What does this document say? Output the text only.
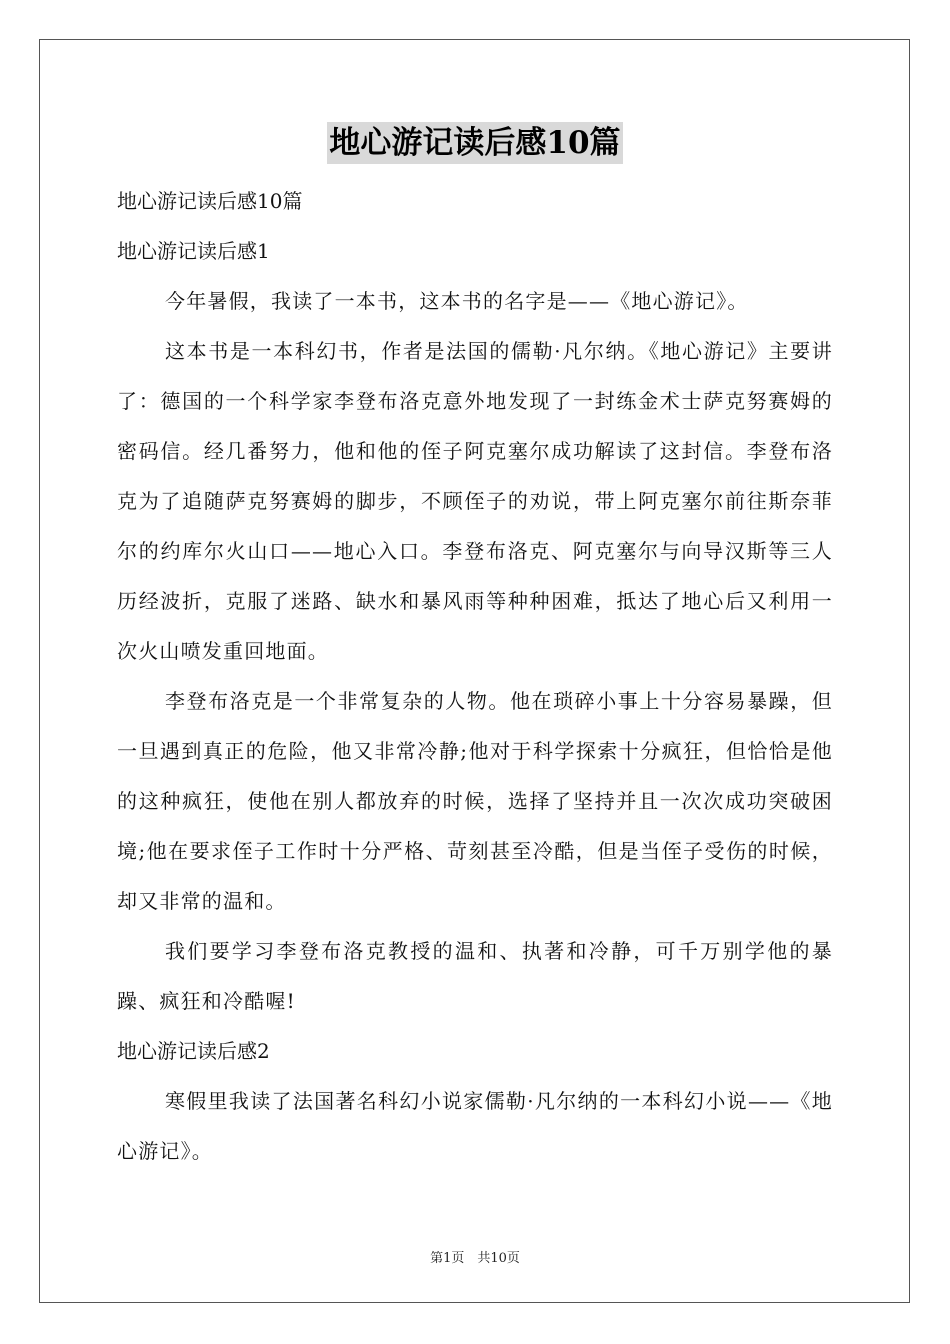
地心游记读后感10篇
地心游记读后感10篇
地心游记读后感1

今年暑假，我读了一本书，这本书的名字是——《地心游记》。

这本书是一本科幻书，作者是法国的儒勒·凡尔纳。《地心游记》主要讲了：德国的一个科学家李登布洛克意外地发现了一封练金术士萨克努赛姆的密码信。经几番努力，他和他的侄子阿克塞尔成功解读了这封信。李登布洛克为了追随萨克努赛姆的脚步，不顾侄子的劝说，带上阿克塞尔前往斯奈菲尔的约库尔火山口——地心入口。李登布洛克、阿克塞尔与向导汉斯等三人历经波折，克服了迷路、缺水和暴风雨等种种困难，抵达了地心后又利用一次火山喷发重回地面。

李登布洛克是一个非常复杂的人物。他在琐碎小事上十分容易暴躁，但一旦遇到真正的危险，他又非常冷静;他对于科学探索十分疯狂，但恰恰是他的这种疯狂，使他在别人都放弃的时候，选择了坚持并且一次次成功突破困境;他在要求侄子工作时十分严格、苛刻甚至冷酷，但是当侄子受伤的时候，却又非常的温和。

我们要学习李登布洛克教授的温和、执著和冷静，可千万别学他的暴躁、疯狂和冷酷喔!

地心游记读后感2

寒假里我读了法国著名科幻小说家儒勒·凡尔纳的一本科幻小说——《地心游记》。

第1页　共10页
